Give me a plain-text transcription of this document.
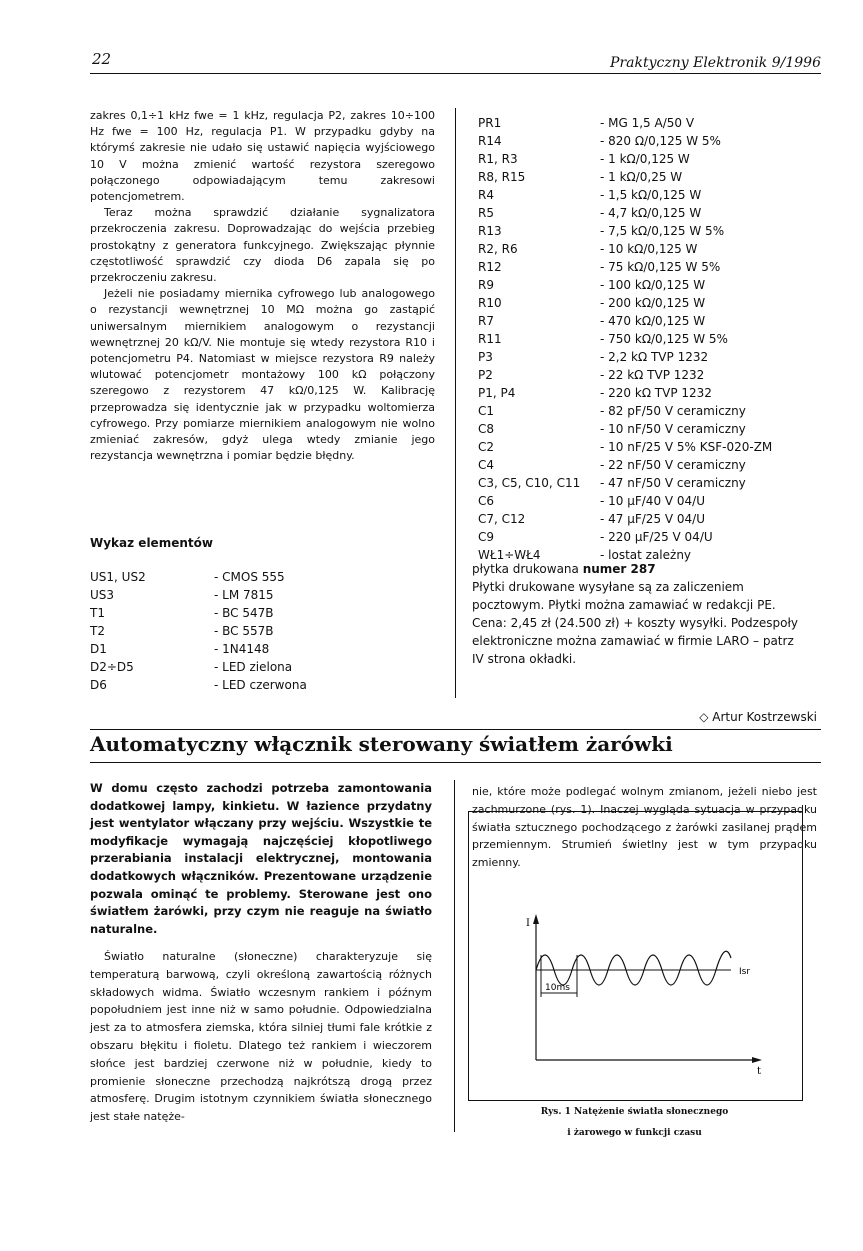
22	Praktyczny Elektronik 9/1996

zakres 0,1÷1 kHz fwe = 1 kHz, regulacja P2, zakres 10÷100 Hz fwe = 100 Hz, regulacja P1. W przypadku gdyby na którymś zakresie nie udało się ustawić napięcia wyjściowego 10 V można zmienić wartość rezystora szeregowo połączonego odpowiadającym temu zakresowi potencjometrem.

Teraz można sprawdzić działanie sygnalizatora przekroczenia zakresu. Doprowadzając do wejścia przebieg prostokątny z generatora funkcyjnego. Zwiększając płynnie częstotliwość sprawdzić czy dioda D6 zapala się po przekroczeniu zakresu.

Jeżeli nie posiadamy miernika cyfrowego lub analogowego o rezystancji wewnętrznej 10 MΩ można go zastąpić uniwersalnym miernikiem analogowym o rezystancji wewnętrznej 20 kΩ/V. Nie montuje się wtedy rezystora R10 i potencjometru P4. Natomiast w miejsce rezystora R9 należy wlutować potencjometr montażowy 100 kΩ połączony szeregowo z rezystorem 47 kΩ/0,125 W. Kalibrację przeprowadza się identycznie jak w przypadku woltomierza cyfrowego. Przy pomiarze miernikiem analogowym nie wolno zmieniać zakresów, gdyż ulega wtedy zmianie jego rezystancja wewnętrzna i pomiar będzie błędny.

Wykaz elementów
US1, US2	- CMOS 555
US3	- LM 7815
T1	- BC 547B
T2	- BC 557B
D1	- 1N4148
D2÷D5	- LED zielona
D6	- LED czerwona
PR1	- MG 1,5 A/50 V
R14	- 820 Ω/0,125 W 5%
R1, R3	- 1 kΩ/0,125 W
R8, R15	- 1 kΩ/0,25 W
R4	- 1,5 kΩ/0,125 W
R5	- 4,7 kΩ/0,125 W
R13	- 7,5 kΩ/0,125 W 5%
R2, R6	- 10 kΩ/0,125 W
R12	- 75 kΩ/0,125 W 5%
R9	- 100 kΩ/0,125 W
R10	- 200 kΩ/0,125 W
R7	- 470 kΩ/0,125 W
R11	- 750 kΩ/0,125 W 5%
P3	- 2,2 kΩ TVP 1232
P2	- 22 kΩ TVP 1232
P1, P4	- 220 kΩ TVP 1232
C1	- 82 pF/50 V ceramiczny
C8	- 10 nF/50 V ceramiczny
C2	- 10 nF/25 V 5% KSF-020-ZM
C4	- 22 nF/50 V ceramiczny
C3, C5, C10, C11 - 47 nF/50 V ceramiczny
C6	- 10 µF/40 V 04/U
C7, C12	- 47 µF/25 V 04/U
C9	- 220 µF/25 V 04/U
WŁ1÷WŁ4	- lostat zależny
płytka drukowana numer 287
Płytki drukowane wysyłane są za zaliczeniem pocztowym. Płytki można zamawiać w redakcji PE. Cena: 2,45 zł (24.500 zł) + koszty wysyłki. Podzespoły elektroniczne można zamawiać w firmie LARO – patrz IV strona okładki.
◇ Artur Kostrzewski
Automatyczny włącznik sterowany światłem żarówki

W domu często zachodzi potrzeba zamontowania dodatkowej lampy, kinkietu. W łazience przydatny jest wentylator włączany przy wejściu. Wszystkie te modyfikacje wymagają najczęściej kłopotliwego przerabiania instalacji elektrycznej, montowania dodatkowych włączników. Prezentowane urządzenie pozwala ominąć te problemy. Sterowane jest ono światłem żarówki, przy czym nie reaguje na światło naturalne.

Światło naturalne (słoneczne) charakteryzuje się temperaturą barwową, czyli określoną zawartością różnych składowych widma. Światło wczesnym rankiem i późnym popołudniem jest inne niż w samo południe. Odpowiedzialna jest za to atmosfera ziemska, która silniej tłumi fale krótkie z obszaru błękitu i fioletu. Dlatego też rankiem i wieczorem słońce jest bardziej czerwone niż w południe, kiedy to promienie słoneczne przechodzą najkrótszą drogą przez atmosferę. Drugim istotnym czynnikiem światła słonecznego jest stałe natęże-

nie, które może podlegać wolnym zmianom, jeżeli niebo jest zachmurzone (rys. 1). Inaczej wygląda sytuacja w przypadku światła sztucznego pochodzącego z żarówki zasilanej prądem przemiennym. Strumień świetlny jest w tym przypadku zmienny.

I
t
Isr
10ms
Rys. 1 Natężenie światła słonecznego
i żarowego w funkcji czasu
